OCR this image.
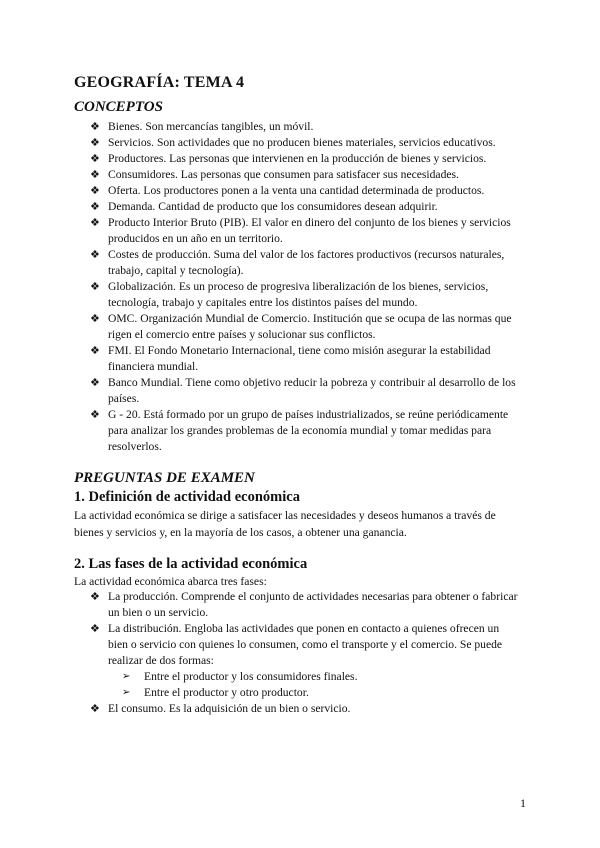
GEOGRAFÍA: TEMA 4
CONCEPTOS
❖ Bienes. Son mercancías tangibles, un móvil.
❖ Servicios. Son actividades que no producen bienes materiales, servicios educativos.
❖ Productores. Las personas que intervienen en la producción de bienes y servicios.
❖ Consumidores. Las personas que consumen para satisfacer sus necesidades.
❖ Oferta. Los productores ponen a la venta una cantidad determinada de productos.
❖ Demanda. Cantidad de producto que los consumidores desean adquirir.
❖ Producto Interior Bruto (PIB). El valor en dinero del conjunto de los bienes y servicios producidos en un año en un territorio.
❖ Costes de producción. Suma del valor de los factores productivos (recursos naturales, trabajo, capital y tecnología).
❖ Globalización. Es un proceso de progresiva liberalización de los bienes, servicios, tecnología, trabajo y capitales entre los distintos países del mundo.
❖ OMC. Organización Mundial de Comercio. Institución que se ocupa de las normas que rigen el comercio entre países y solucionar sus conflictos.
❖ FMI. El Fondo Monetario Internacional, tiene como misión asegurar la estabilidad financiera mundial.
❖ Banco Mundial. Tiene como objetivo reducir la pobreza y contribuir al desarrollo de los países.
❖ G - 20. Está formado por un grupo de países industrializados, se reúne periódicamente para analizar los grandes problemas de la economía mundial y tomar medidas para resolverlos.
PREGUNTAS DE EXAMEN
1. Definición de actividad económica

La actividad económica se dirige a satisfacer las necesidades y deseos humanos a través de bienes y servicios y, en la mayoría de los casos, a obtener una ganancia.

2. Las fases de la actividad económica

La actividad económica abarca tres fases:

❖ La producción. Comprende el conjunto de actividades necesarias para obtener o fabricar un bien o un servicio.
❖ La distribución. Engloba las actividades que ponen en contacto a quienes ofrecen un bien o servicio con quienes lo consumen, como el transporte y el comercio. Se puede realizar de dos formas:
➢ Entre el productor y los consumidores finales.
➢ Entre el productor y otro productor.
❖ El consumo. Es la adquisición de un bien o servicio.
1
